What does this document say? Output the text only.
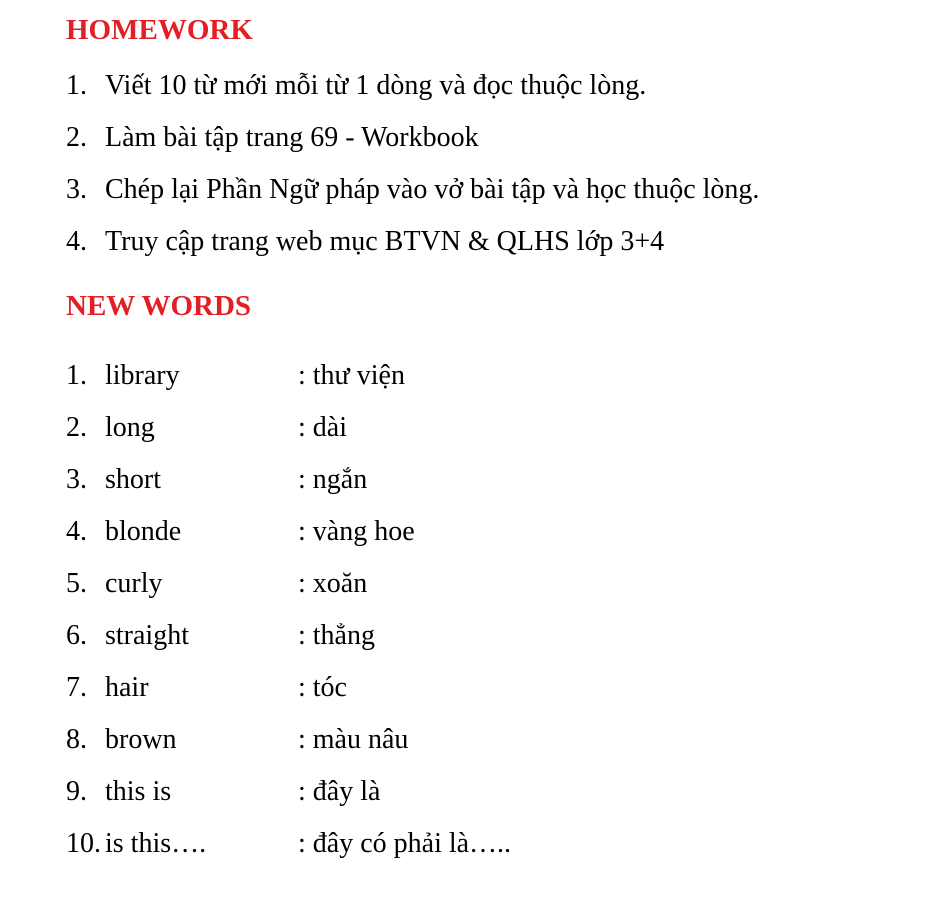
HOMEWORK
1. Viết 10 từ mới mỗi từ 1 dòng và đọc thuộc lòng.
2. Làm bài tập trang 69 - Workbook
3. Chép lại Phần Ngữ pháp vào vở bài tập và học thuộc lòng.
4. Truy cập trang web mục BTVN & QLHS lớp 3+4
NEW WORDS
1. library	: thư viện
2. long	: dài
3. short	: ngắn
4. blonde	: vàng hoe
5. curly	: xoăn
6. straight	: thẳng
7. hair	: tóc
8. brown	: màu nâu
9. this is	: đây là
10. is this….	: đây có phải là…..
